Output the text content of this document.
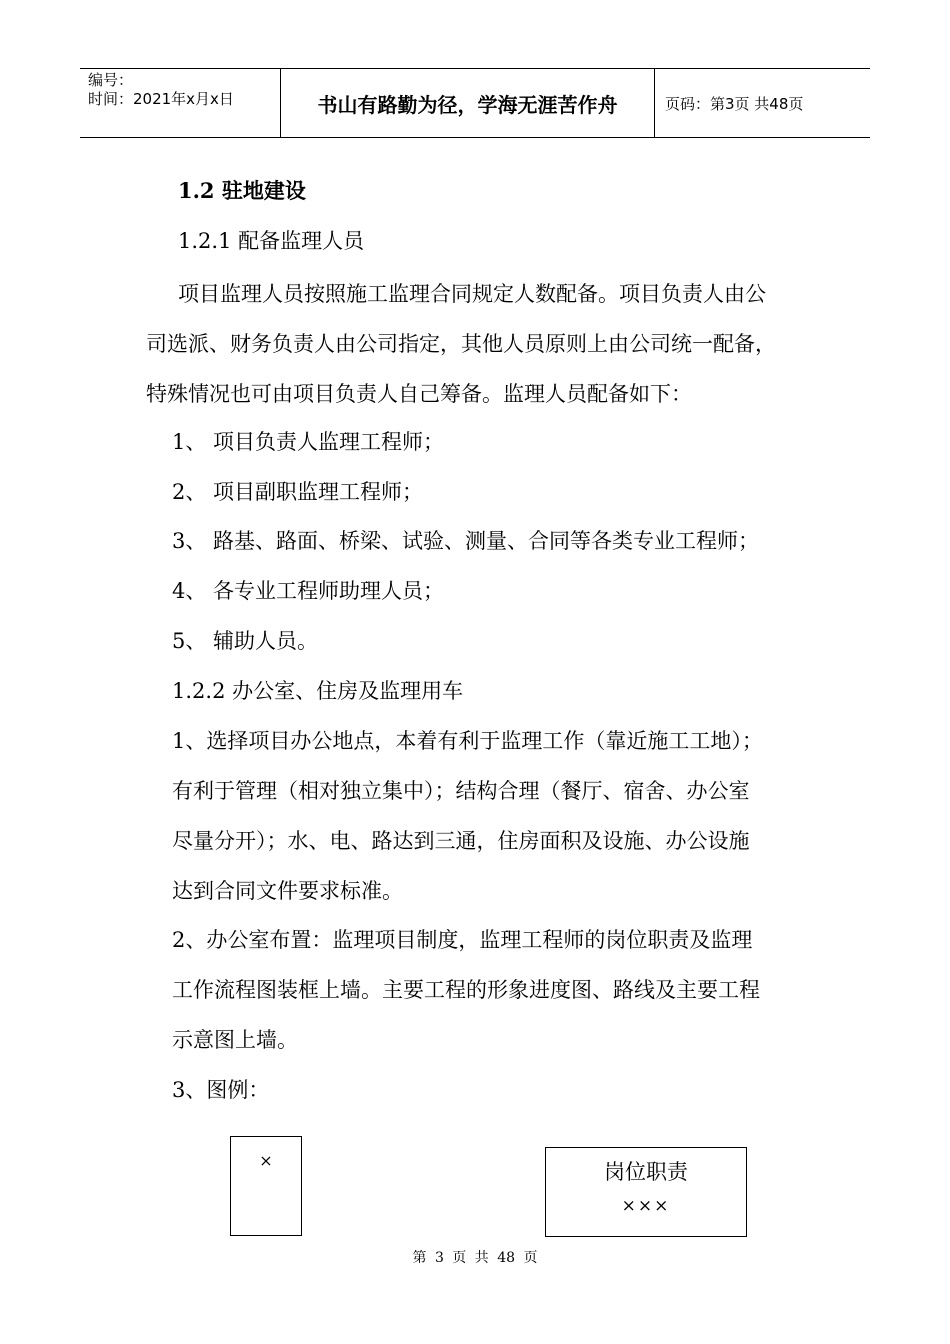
编号：
时间：2021年x月x日	书山有路勤为径，学海无涯苦作舟	页码：第3页 共48页
1.2 驻地建设
1.2.1 配备监理人员
项目监理人员按照施工监理合同规定人数配备。项目负责人由公
司选派、财务负责人由公司指定，其他人员原则上由公司统一配备，
特殊情况也可由项目负责人自己筹备。监理人员配备如下：
1、 项目负责人监理工程师；
2、 项目副职监理工程师；
3、 路基、路面、桥梁、试验、测量、合同等各类专业工程师；
4、 各专业工程师助理人员；
5、 辅助人员。
1.2.2 办公室、住房及监理用车
1、选择项目办公地点，本着有利于监理工作（靠近施工工地）；
有利于管理（相对独立集中）；结构合理（餐厅、宿舍、办公室
尽量分开）；水、电、路达到三通，住房面积及设施、办公设施
达到合同文件要求标准。
2、办公室布置：监理项目制度，监理工程师的岗位职责及监理
工作流程图装框上墙。主要工程的形象进度图、路线及主要工程
示意图上墙。
3、图例：
×	岗位职责
×××
第 3 页 共 48 页
